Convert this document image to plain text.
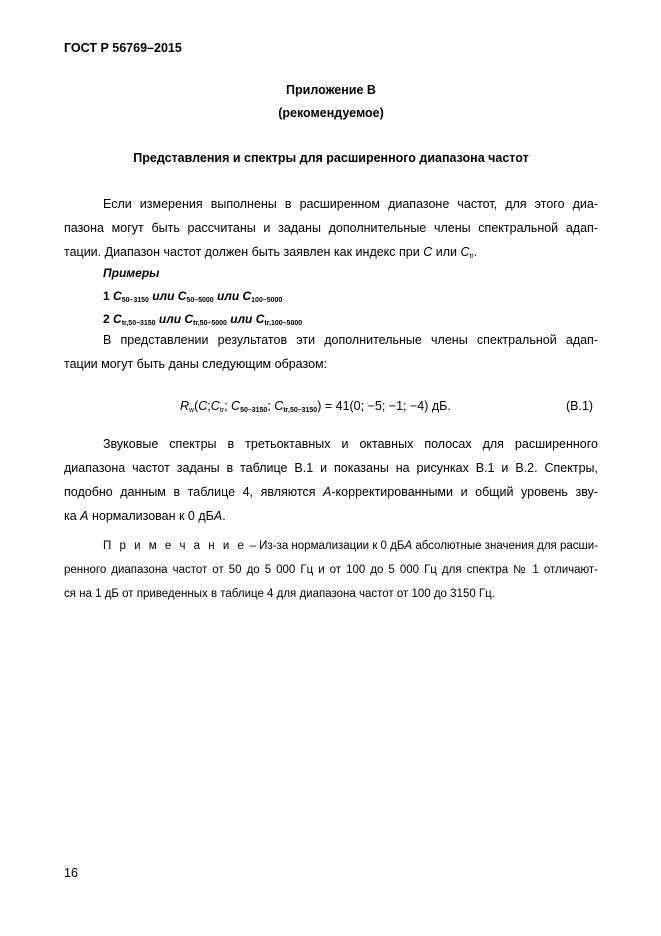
ГОСТ Р 56769–2015
Приложение В
(рекомендуемое)
Представления и спектры для расширенного диапазона частот
Если измерения выполнены в расширенном диапазоне частот, для этого диа-
пазона могут быть рассчитаны и заданы дополнительные члены спектральной адап-
тации. Диапазон частот должен быть заявлен как индекс при C или $C_{tr}$.
Примеры
1 $C_{50-3150}$ или $C_{50-5000}$ или $C_{100-5000}$
2 $C_{tr,50-3150}$ или $C_{tr,50-5000}$ или $C_{tr,100-5000}$
В представлении результатов эти дополнительные члены спектральной адап-
тации могут быть даны следующим образом:
$R_w(C;C_{tr}$; $C_{50-3150}$; $C_{tr,50-3150}) = 41(0$; −5; −1; −4) дБ.	(В.1)
Звуковые спектры в третьоктавных и октавных полосах для расширенного
диапазона частот заданы в таблице В.1 и показаны на рисунках В.1 и В.2. Спектры,
подобно данным в таблице 4, являются А-корректированными и общий уровень зву-
ка А нормализован к 0 дБА.
П р и м е ч а н и е – Из-за нормализации к 0 дБА абсолютные значения для расши-
ренного диапазона частот от 50 до 5 000 Гц и от 100 до 5 000 Гц для спектра № 1 отличают-
ся на 1 дБ от приведенных в таблице 4 для диапазона частот от 100 до 3150 Гц.
16
